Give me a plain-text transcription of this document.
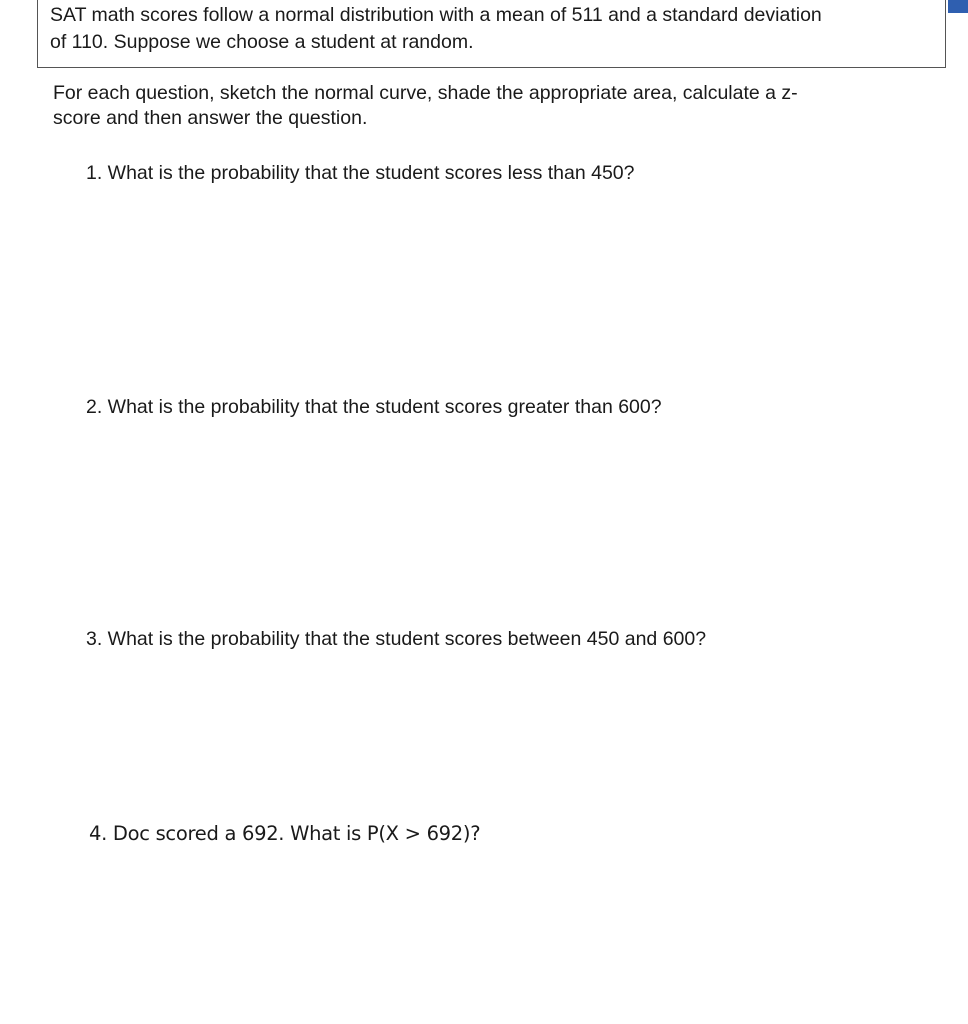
SAT math scores follow a normal distribution with a mean of 511 and a standard deviation
of 110. Suppose we choose a student at random.
For each question, sketch the normal curve, shade the appropriate area, calculate a z-
score and then answer the question.
1. What is the probability that the student scores less than 450?
2. What is the probability that the student scores greater than 600?
3. What is the probability that the student scores between 450 and 600?
4. Doc scored a 692. What is P(X > 692)?
